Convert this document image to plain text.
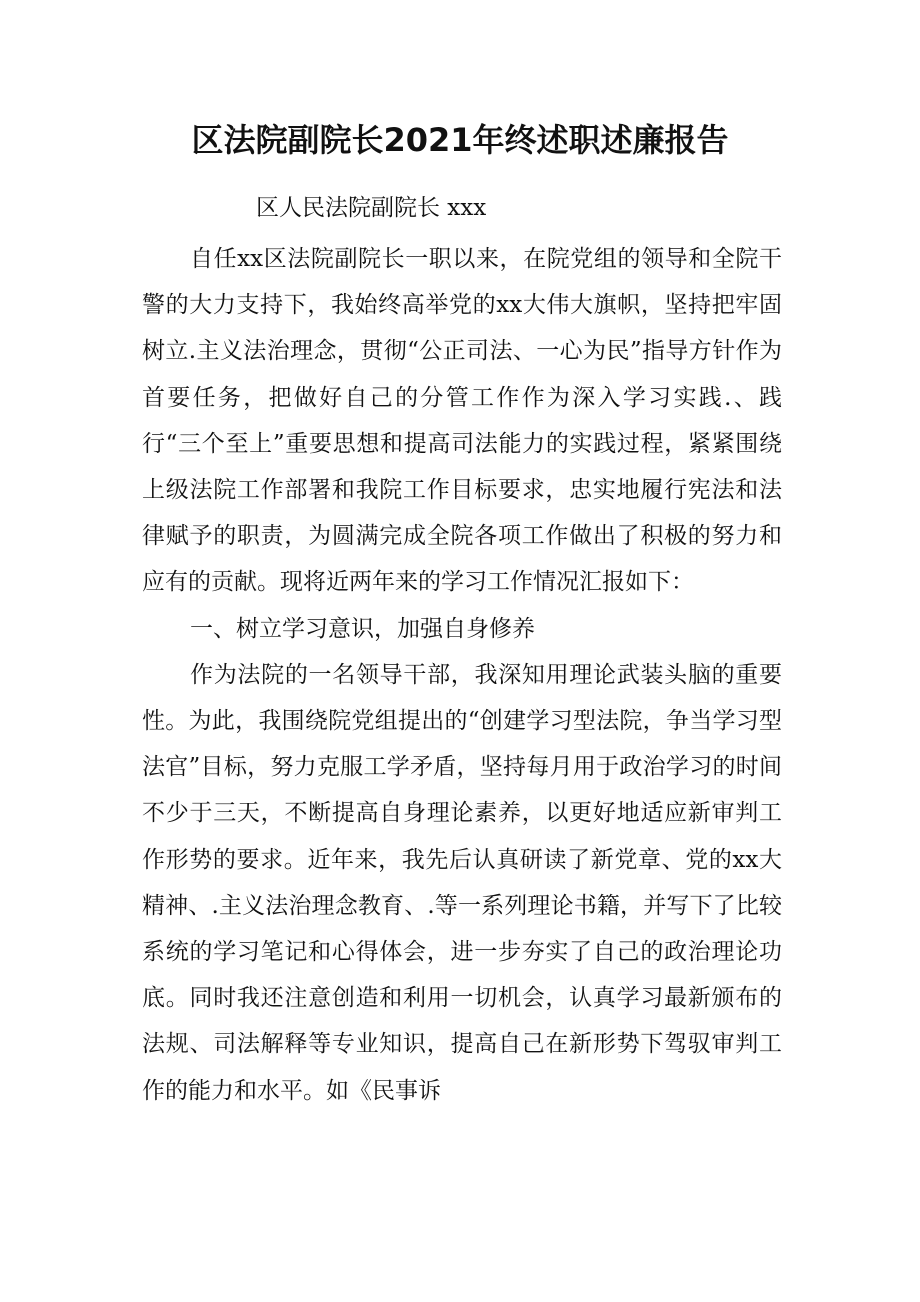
区法院副院长2021年终述职述廉报告
区人民法院副院长 xxx

自任xx区法院副院长一职以来，在院党组的领导和全院干警的大力支持下，我始终高举党的xx大伟大旗帜，坚持把牢固树立.主义法治理念，贯彻“公正司法、一心为民”指导方针作为首要任务，把做好自己的分管工作作为深入学习实践.、践行“三个至上”重要思想和提高司法能力的实践过程，紧紧围绕上级法院工作部署和我院工作目标要求，忠实地履行宪法和法律赋予的职责，为圆满完成全院各项工作做出了积极的努力和应有的贡献。现将近两年来的学习工作情况汇报如下：

一、树立学习意识，加强自身修养

作为法院的一名领导干部，我深知用理论武装头脑的重要性。为此，我围绕院党组提出的“创建学习型法院，争当学习型法官”目标，努力克服工学矛盾，坚持每月用于政治学习的时间不少于三天，不断提高自身理论素养，以更好地适应新审判工作形势的要求。近年来，我先后认真研读了新党章、党的xx大精神、.主义法治理念教育、.等一系列理论书籍，并写下了比较系统的学习笔记和心得体会，进一步夯实了自己的政治理论功底。同时我还注意创造和利用一切机会，认真学习最新颁布的法规、司法解释等专业知识，提高自己在新形势下驾驭审判工作的能力和水平。如《民事诉
